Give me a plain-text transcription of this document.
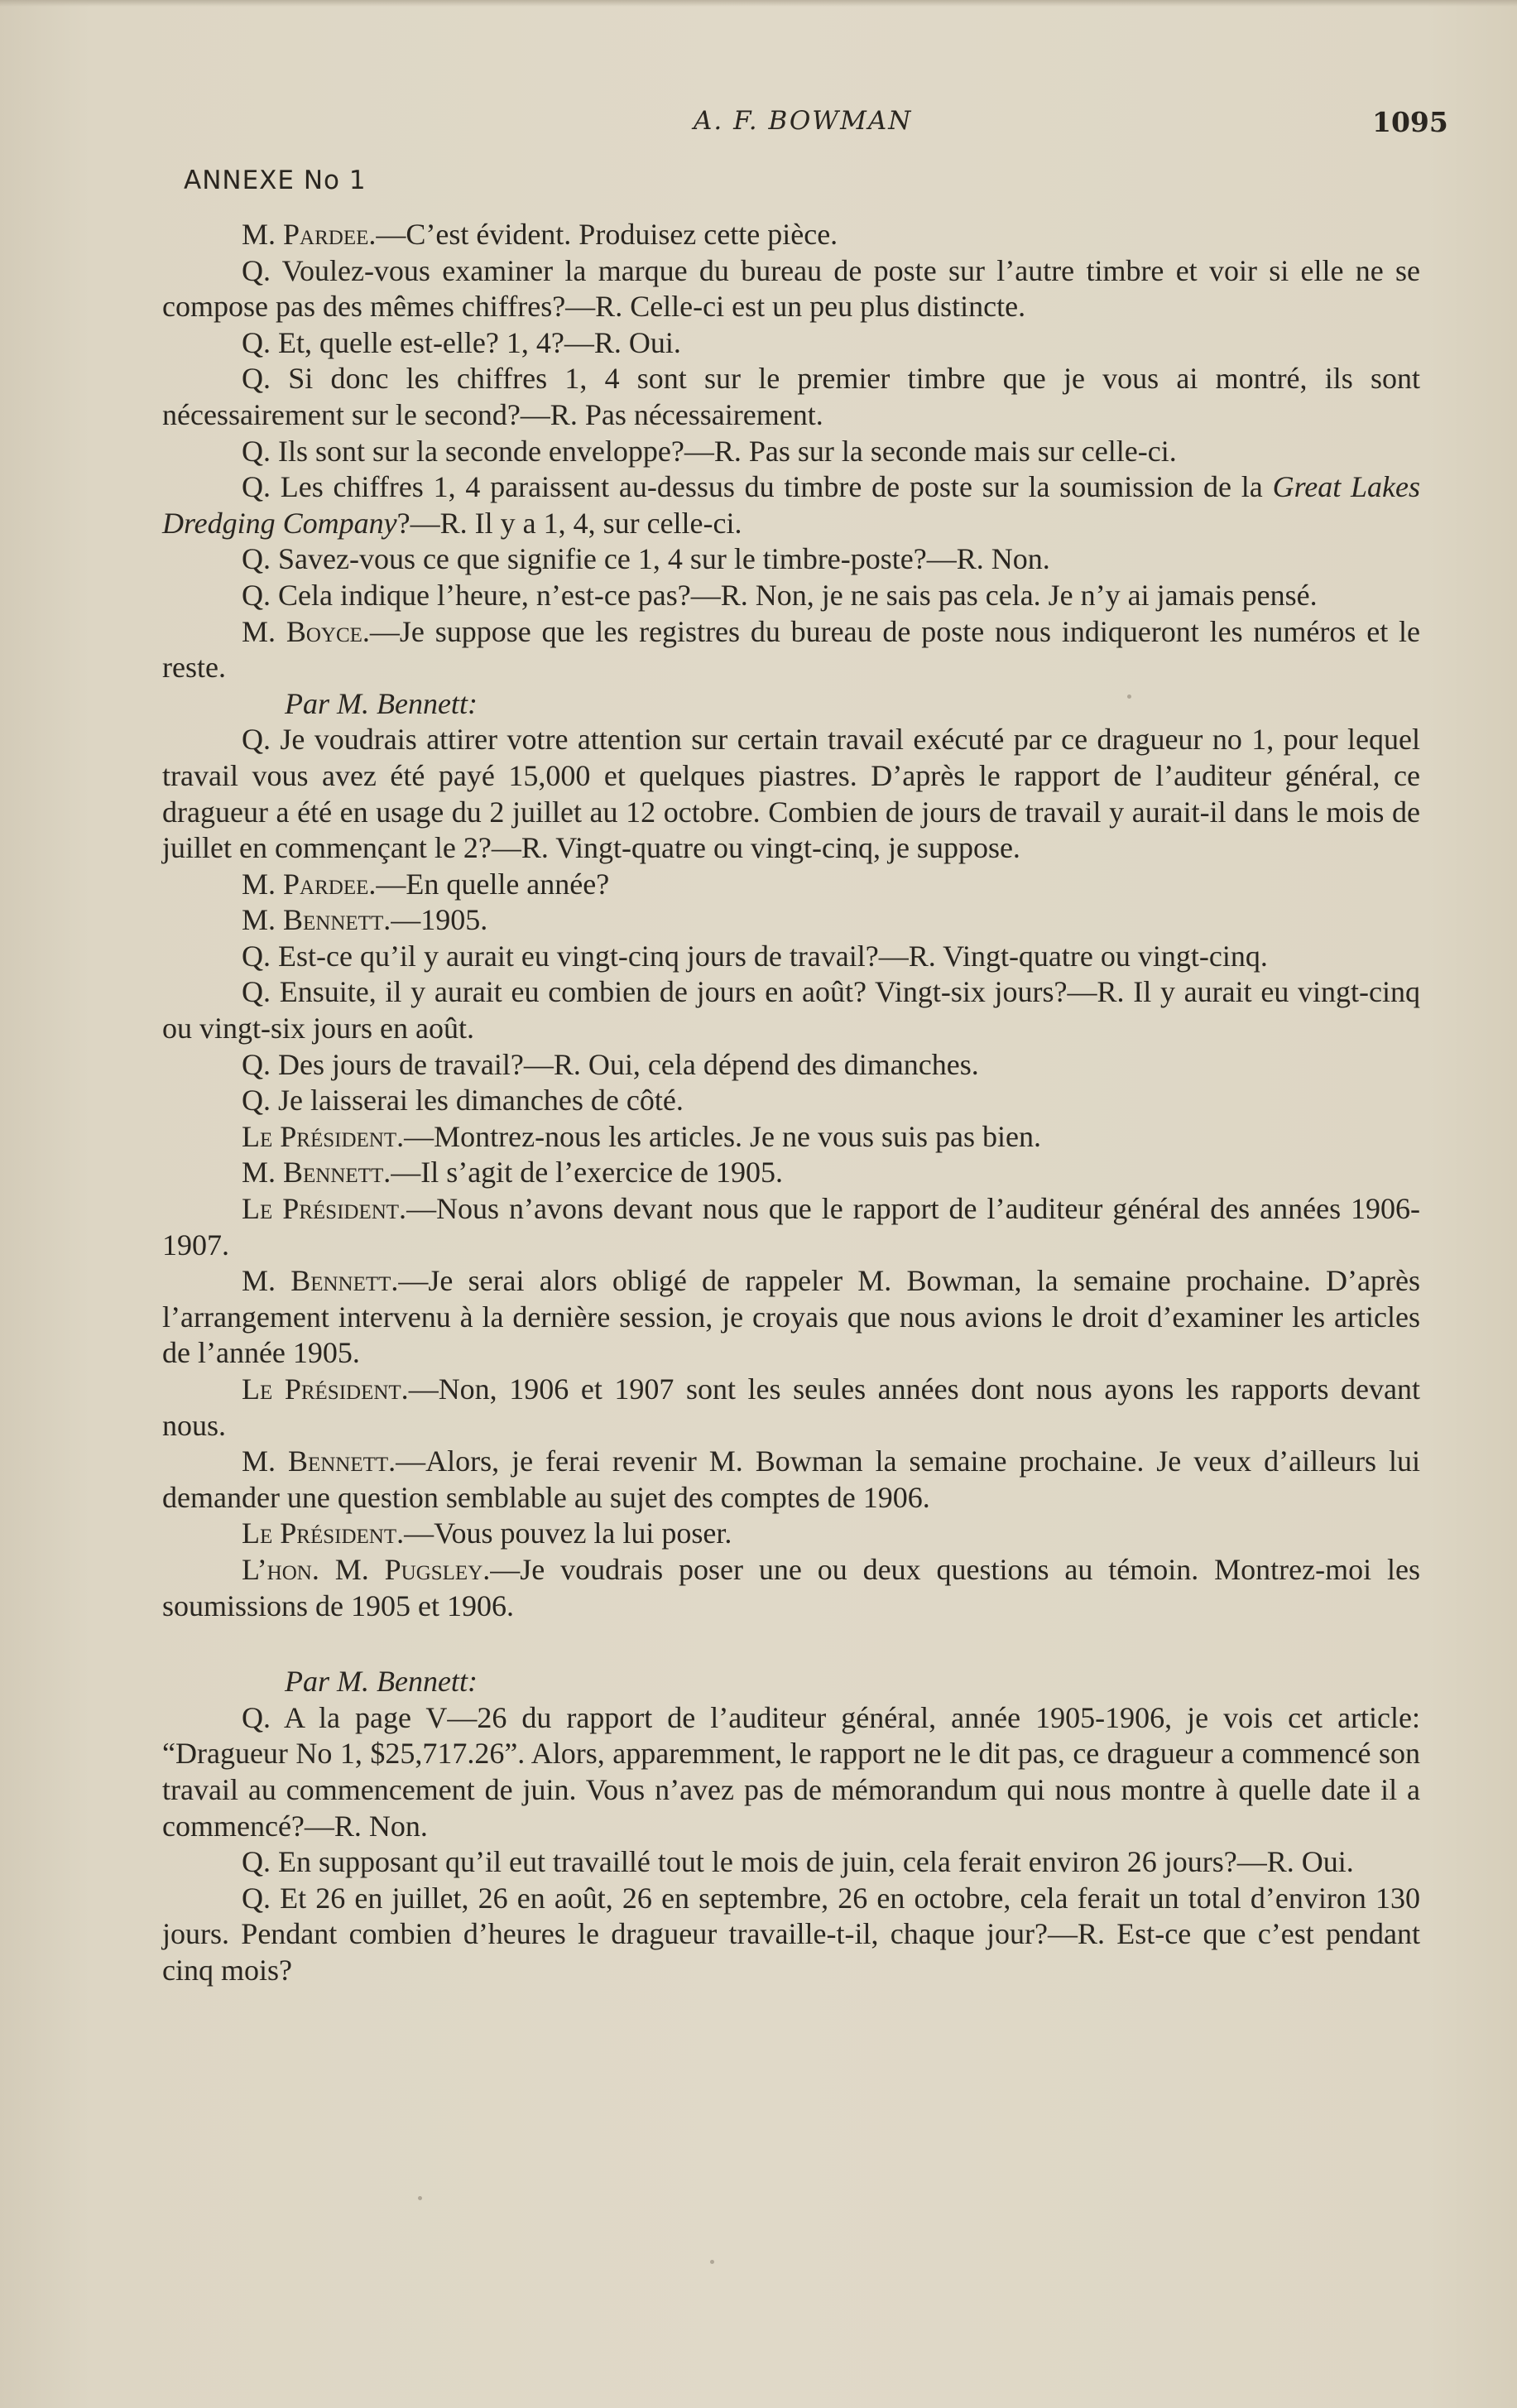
A. F. BOWMAN	1095
ANNEXE No 1

M. Pardee.—C’est évident. Produisez cette pièce.

Q. Voulez-vous examiner la marque du bureau de poste sur l’autre timbre et voir si elle ne se compose pas des mêmes chiffres?—R. Celle-ci est un peu plus distincte.

Q. Et, quelle est-elle? 1, 4?—R. Oui.

Q. Si donc les chiffres 1, 4 sont sur le premier timbre que je vous ai montré, ils sont nécessairement sur le second?—R. Pas nécessairement.

Q. Ils sont sur la seconde enveloppe?—R. Pas sur la seconde mais sur celle-ci.

Q. Les chiffres 1, 4 paraissent au-dessus du timbre de poste sur la soumission de la Great Lakes Dredging Company?—R. Il y a 1, 4, sur celle-ci.

Q. Savez-vous ce que signifie ce 1, 4 sur le timbre-poste?—R. Non.

Q. Cela indique l’heure, n’est-ce pas?—R. Non, je ne sais pas cela. Je n’y ai jamais pensé.

M. Boyce.—Je suppose que les registres du bureau de poste nous indiqueront les numéros et le reste.

Par M. Bennett:

Q. Je voudrais attirer votre attention sur certain travail exécuté par ce dragueur no 1, pour lequel travail vous avez été payé 15,000 et quelques piastres. D’après le rapport de l’auditeur général, ce dragueur a été en usage du 2 juillet au 12 octobre. Combien de jours de travail y aurait-il dans le mois de juillet en commençant le 2?—R. Vingt-quatre ou vingt-cinq, je suppose.

M. Pardee.—En quelle année?

M. Bennett.—1905.

Q. Est-ce qu’il y aurait eu vingt-cinq jours de travail?—R. Vingt-quatre ou vingt-cinq.

Q. Ensuite, il y aurait eu combien de jours en août? Vingt-six jours?—R. Il y aurait eu vingt-cinq ou vingt-six jours en août.

Q. Des jours de travail?—R. Oui, cela dépend des dimanches.

Q. Je laisserai les dimanches de côté.

Le Président.—Montrez-nous les articles. Je ne vous suis pas bien.

M. Bennett.—Il s’agit de l’exercice de 1905.

Le Président.—Nous n’avons devant nous que le rapport de l’auditeur général des années 1906-1907.

M. Bennett.—Je serai alors obligé de rappeler M. Bowman, la semaine prochaine. D’après l’arrangement intervenu à la dernière session, je croyais que nous avions le droit d’examiner les articles de l’année 1905.

Le Président.—Non, 1906 et 1907 sont les seules années dont nous ayons les rapports devant nous.

M. Bennett.—Alors, je ferai revenir M. Bowman la semaine prochaine. Je veux d’ailleurs lui demander une question semblable au sujet des comptes de 1906.

Le Président.—Vous pouvez la lui poser.

L’hon. M. Pugsley.—Je voudrais poser une ou deux questions au témoin. Montrez-moi les soumissions de 1905 et 1906.

Par M. Bennett:

Q. A la page V—26 du rapport de l’auditeur général, année 1905-1906, je vois cet article: “Dragueur No 1, $25,717.26”. Alors, apparemment, le rapport ne le dit pas, ce dragueur a commencé son travail au commencement de juin. Vous n’avez pas de mémorandum qui nous montre à quelle date il a commencé?—R. Non.

Q. En supposant qu’il eut travaillé tout le mois de juin, cela ferait environ 26 jours?—R. Oui.

Q. Et 26 en juillet, 26 en août, 26 en septembre, 26 en octobre, cela ferait un total d’environ 130 jours. Pendant combien d’heures le dragueur travaille-t-il, chaque jour?—R. Est-ce que c’est pendant cinq mois?
